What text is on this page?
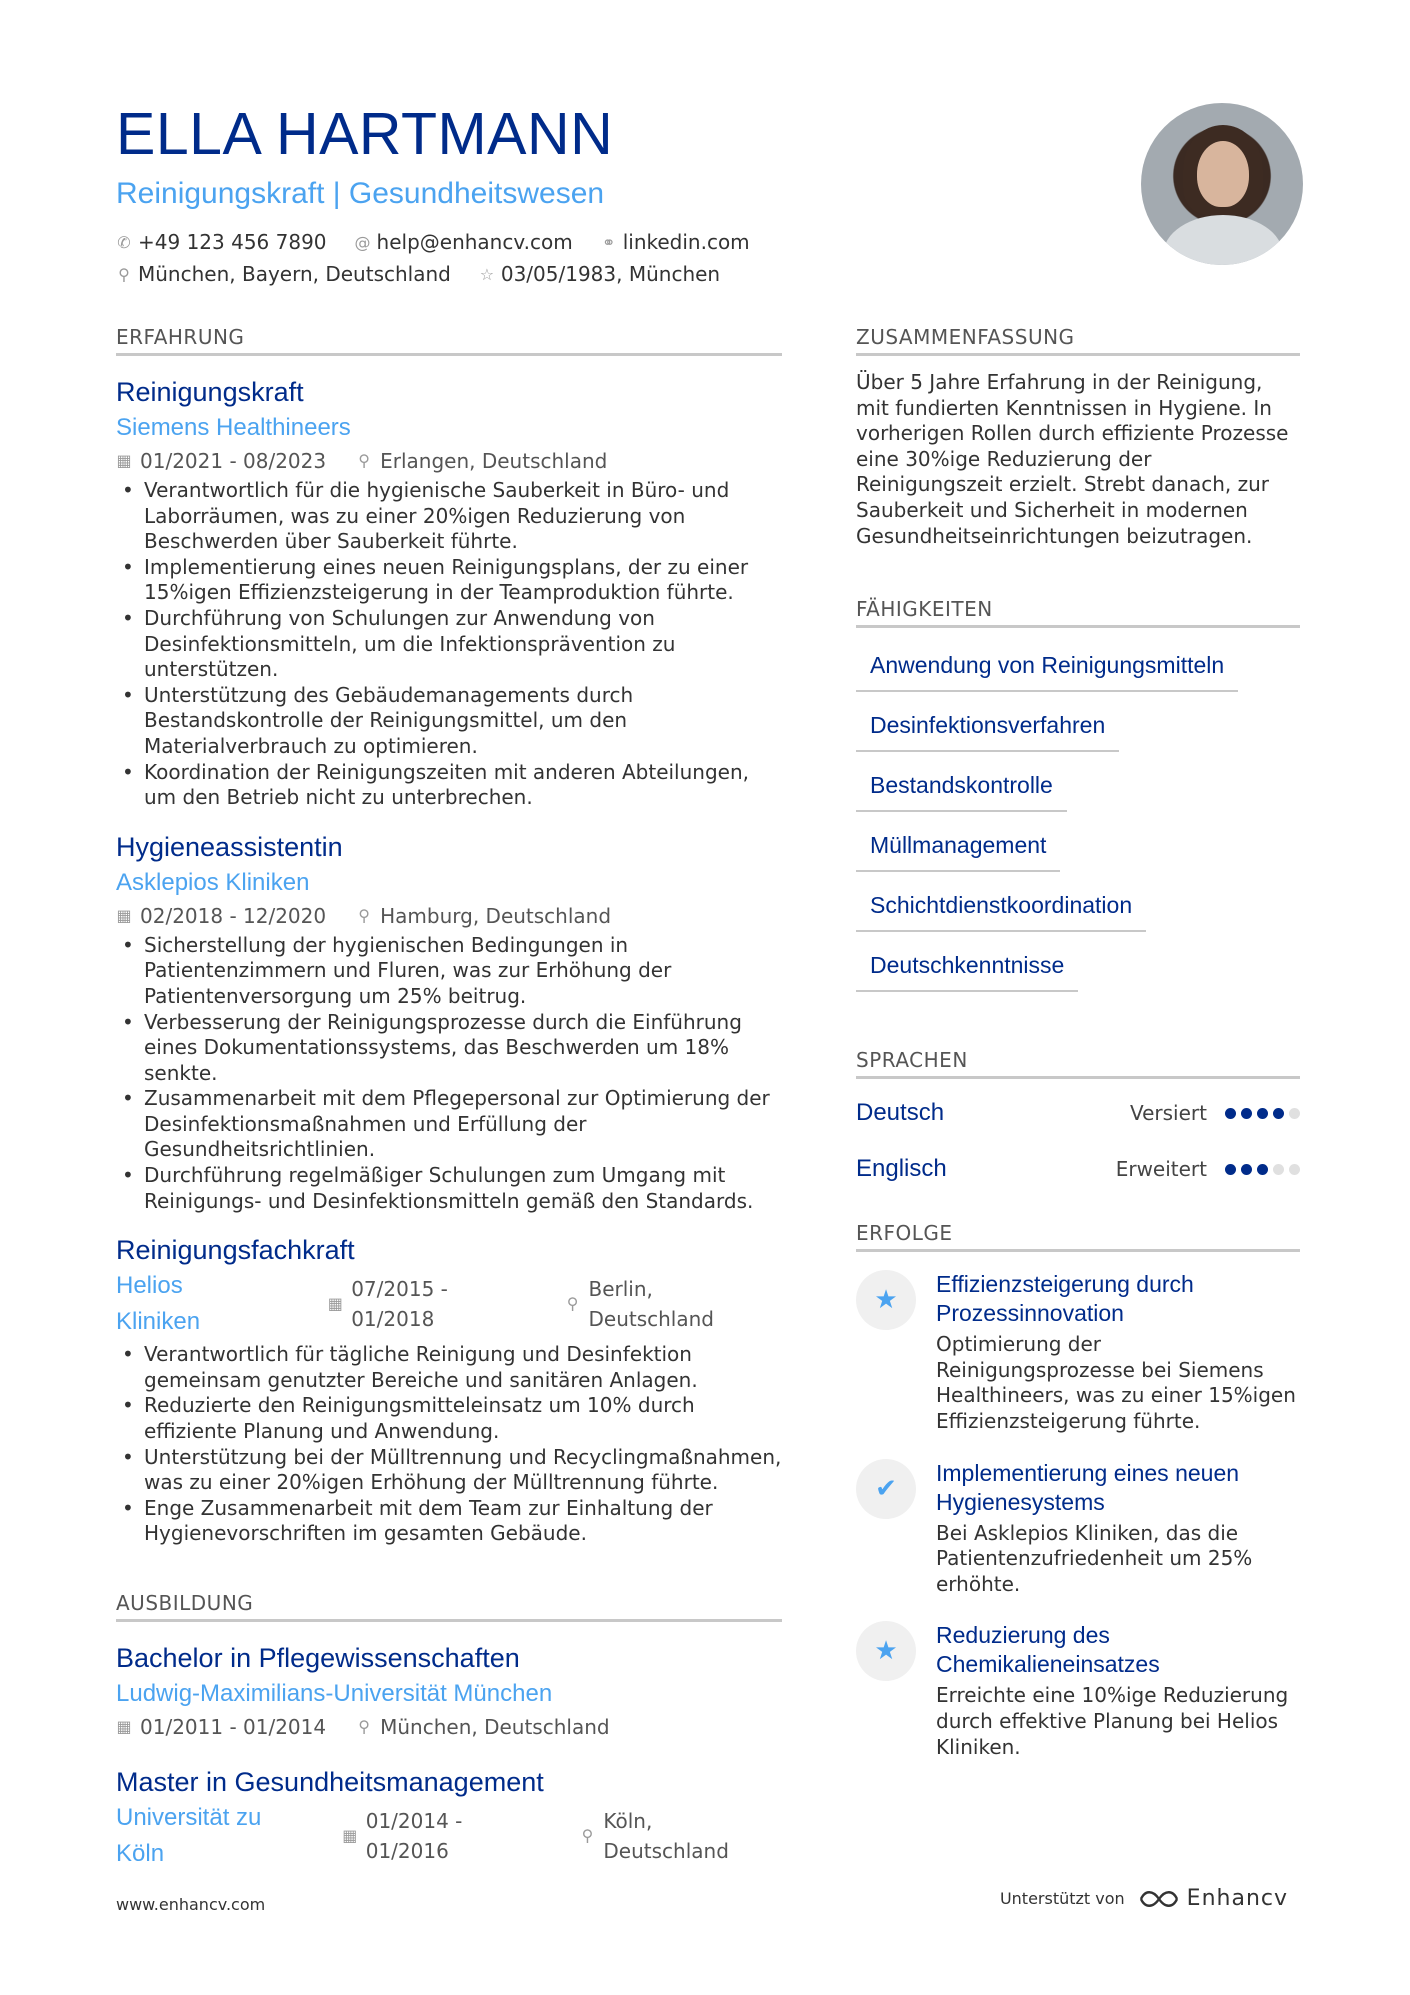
ELLA HARTMANN
Reinigungskraft | Gesundheitswesen
✆ +49 123 456 7890 @ help@enhancv.com ⚭ linkedin.com
⚲ München, Bayern, Deutschland ☆ 03/05/1983, München
ERFAHRUNG
Reinigungskraft
Siemens Healthineers
▦ 01/2021 - 08/2023 ⚲ Erlangen, Deutschland
• Verantwortlich für die hygienische Sauberkeit in Büro- und Laborräumen, was zu einer 20%igen Reduzierung von Beschwerden über Sauberkeit führte.
• Implementierung eines neuen Reinigungsplans, der zu einer 15%igen Effizienzsteigerung in der Teamproduktion führte.
• Durchführung von Schulungen zur Anwendung von Desinfektionsmitteln, um die Infektionsprävention zu unterstützen.
• Unterstützung des Gebäudemanagements durch Bestandskontrolle der Reinigungsmittel, um den Materialverbrauch zu optimieren.
• Koordination der Reinigungszeiten mit anderen Abteilungen, um den Betrieb nicht zu unterbrechen.
Hygieneassistentin
Asklepios Kliniken
▦ 02/2018 - 12/2020 ⚲ Hamburg, Deutschland
• Sicherstellung der hygienischen Bedingungen in Patientenzimmern und Fluren, was zur Erhöhung der Patientenversorgung um 25% beitrug.
• Verbesserung der Reinigungsprozesse durch die Einführung eines Dokumentationssystems, das Beschwerden um 18% senkte.
• Zusammenarbeit mit dem Pflegepersonal zur Optimierung der Desinfektionsmaßnahmen und Erfüllung der Gesundheitsrichtlinien.
• Durchführung regelmäßiger Schulungen zum Umgang mit Reinigungs- und Desinfektionsmitteln gemäß den Standards.
Reinigungsfachkraft
Helios Kliniken
▦
07/2015 - 01/2018
⚲
Berlin, Deutschland
• Verantwortlich für tägliche Reinigung und Desinfektion gemeinsam genutzter Bereiche und sanitären Anlagen.
• Reduzierte den Reinigungsmitteleinsatz um 10% durch effiziente Planung und Anwendung.
• Unterstützung bei der Mülltrennung und Recyclingmaßnahmen, was zu einer 20%igen Erhöhung der Mülltrennung führte.
• Enge Zusammenarbeit mit dem Team zur Einhaltung der Hygienevorschriften im gesamten Gebäude.
AUSBILDUNG
Bachelor in Pflegewissenschaften
Ludwig-Maximilians-Universität München
▦ 01/2011 - 01/2014 ⚲ München, Deutschland
Master in Gesundheitsmanagement
Universität zu Köln
▦
01/2014 - 01/2016
⚲
Köln, Deutschland
ZUSAMMENFASSUNG
Über 5 Jahre Erfahrung in der Reinigung, mit fundierten Kenntnissen in Hygiene. In vorherigen Rollen durch effiziente Prozesse eine 30%ige Reduzierung der Reinigungszeit erzielt. Strebt danach, zur Sauberkeit und Sicherheit in modernen Gesundheitseinrichtungen beizutragen.
FÄHIGKEITEN
Anwendung von Reinigungsmitteln
Desinfektionsverfahren
Bestandskontrolle
Müllmanagement
Schichtdienstkoordination
Deutschkenntnisse
SPRACHEN
Deutsch	Versiert
Englisch	Erweitert
ERFOLGE
★
Effizienzsteigerung durch Prozessinnovation
Optimierung der Reinigungsprozesse bei Siemens Healthineers, was zu einer 15%igen Effizienzsteigerung führte.
✔
Implementierung eines neuen Hygienesystems
Bei Asklepios Kliniken, das die Patientenzufriedenheit um 25% erhöhte.
★
Reduzierung des Chemikalieneinsatzes
Erreichte eine 10%ige Reduzierung durch effektive Planung bei Helios Kliniken.
www.enhancv.com	Unterstützt von	Enhancv
